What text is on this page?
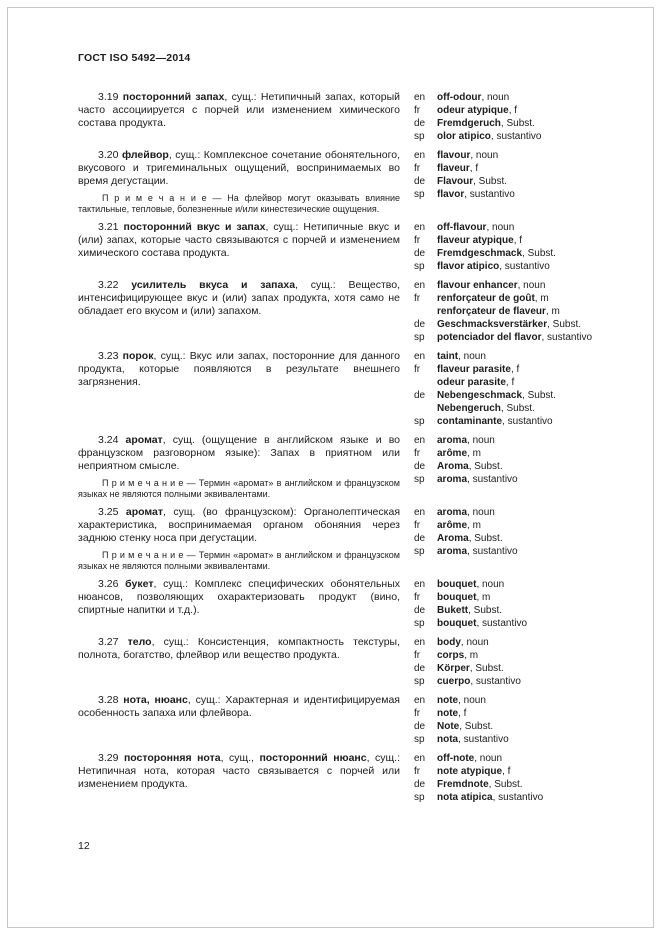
ГОСТ ISO 5492—2014

3.19 посторонний запах, сущ.: Нетипичный запах, который часто ассоциируется с порчей или изменением химического состава продукта.

en	off-odour, noun
fr	odeur atypique, f
de	Fremdgeruch, Subst.
sp	olor atipico, sustantivo

3.20 флейвор, сущ.: Комплексное сочетание обонятельного, вкусового и тригеминальных ощущений, воспринимаемых во время дегустации.

П р и м е ч а н и е — На флейвор могут оказывать влияние тактильные, тепловые, болезненные и/или кинестезические ощущения.

en	flavour, noun
fr	flaveur, f
de	Flavour, Subst.
sp	flavor, sustantivo

3.21 посторонний вкус и запах, сущ.: Нетипичные вкус и (или) запах, которые часто связываются с порчей и изменением химического состава продукта.

en	off-flavour, noun
fr	flaveur atypique, f
de	Fremdgeschmack, Subst.
sp	flavor atipico, sustantivo

3.22 усилитель вкуса и запаха, сущ.: Вещество, интенсифицирующее вкус и (или) запах продукта, хотя само не обладает его вкусом и (или) запахом.

en	flavour enhancer, noun
fr	renforçateur de goût, m
renforçateur de flaveur, m
de	Geschmacksverstärker, Subst.
sp	potenciador del flavor, sustantivo

3.23 порок, сущ.: Вкус или запах, посторонние для данного продукта, которые появляются в результате внешнего загрязнения.

en	taint, noun
fr	flaveur parasite, f
odeur parasite, f
de	Nebengeschmack, Subst.
Nebengeruch, Subst.
sp	contaminante, sustantivo

3.24 аромат, сущ. (ощущение в английском языке и во французском разговорном языке): Запах в приятном или неприятном смысле.

П р и м е ч а н и е — Термин «аромат» в английском и французском языках не являются полными эквивалентами.

en	aroma, noun
fr	arôme, m
de	Aroma, Subst.
sp	aroma, sustantivo

3.25 аромат, сущ. (во французском): Органолептическая характеристика, воспринимаемая органом обоняния через заднюю стенку носа при дегустации.

П р и м е ч а н и е — Термин «аромат» в английском и французском языках не являются полными эквивалентами.

en	aroma, noun
fr	arôme, m
de	Aroma, Subst.
sp	aroma, sustantivo

3.26 букет, сущ.: Комплекс специфических обонятельных нюансов, позволяющих охарактеризовать продукт (вино, спиртные напитки и т.д.).

en	bouquet, noun
fr	bouquet, m
de	Bukett, Subst.
sp	bouquet, sustantivo

3.27 тело, сущ.: Консистенция, компактность текстуры, полнота, богатство, флейвор или вещество продукта.

en	body, noun
fr	corps, m
de	Körper, Subst.
sp	cuerpo, sustantivo

3.28 нота, нюанс, сущ.: Характерная и идентифицируемая особенность запаха или флейвора.

en	note, noun
fr	note, f
de	Note, Subst.
sp	nota, sustantivo

3.29 посторонняя нота, сущ., посторонний нюанс, сущ.: Нетипичная нота, которая часто связывается с порчей или изменением продукта.

en	off-note, noun
fr	note atypique, f
de	Fremdnote, Subst.
sp	nota atipica, sustantivo
12
